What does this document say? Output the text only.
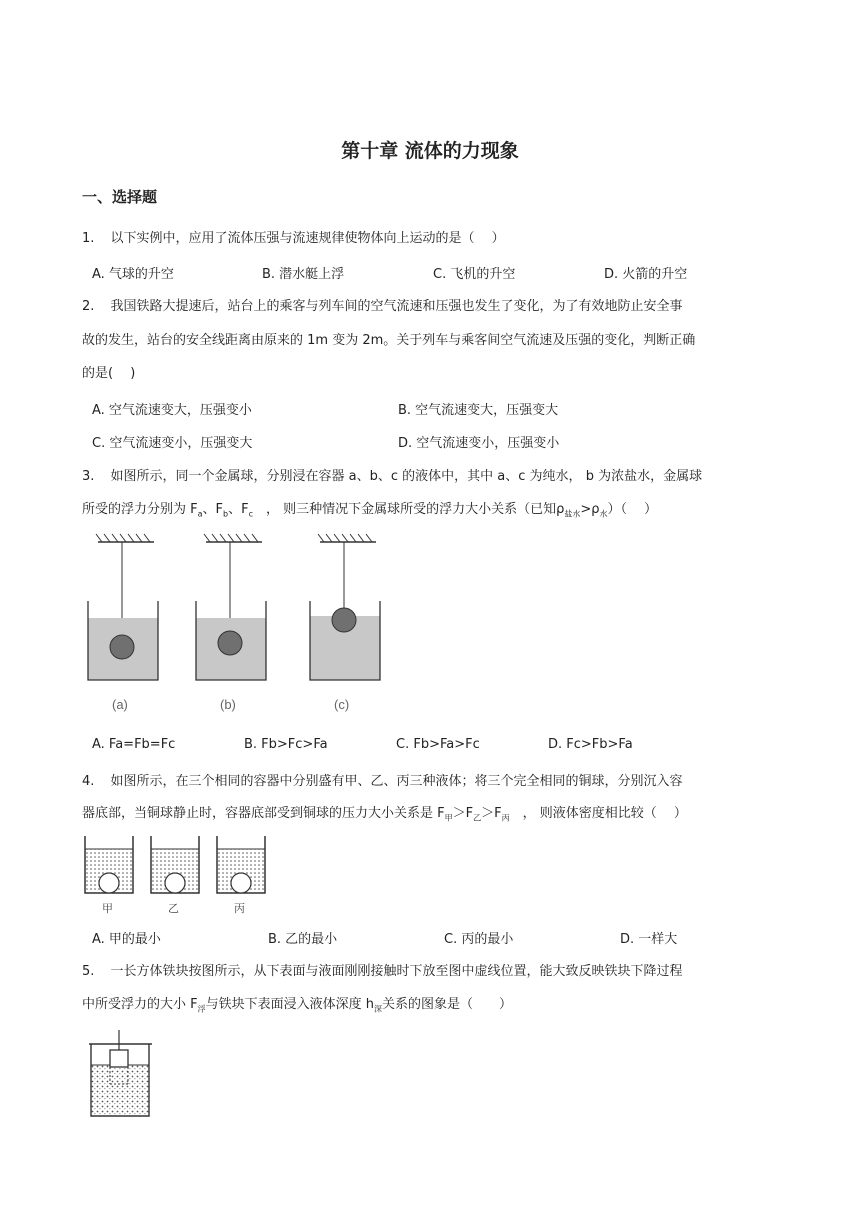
第十章 流体的力现象
一、选择题
1. 以下实例中，应用了流体压强与流速规律使物体向上运动的是（　 ）
A. 气球的升空	B. 潜水艇上浮	C. 飞机的升空	D. 火箭的升空
2. 我国铁路大提速后，站台上的乘客与列车间的空气流速和压强也发生了变化，为了有效地防止安全事
故的发生，站台的安全线距离由原来的 1m 变为 2m。关于列车与乘客间空气流速及压强的变化，判断正确
的是(　 )
A. 空气流速变大，压强变小	B. 空气流速变大，压强变大
C. 空气流速变小，压强变大	D. 空气流速变小，压强变小
3. 如图所示，同一个金属球，分别浸在容器 a、b、c 的液体中，其中 a、c 为纯水， b 为浓盐水，金属球
所受的浮力分别为 $F_a$、$F_b$、$F_c$　， 则三种情况下金属球所受的浮力大小关系（已知$\rho_{盐水}>\rho_水$）（　 ）
(a)	(b)	(c)
A. Fa=Fb=Fc	B. Fb>Fc>Fa	C. Fb>Fa>Fc	D. Fc>Fb>Fa
4. 如图所示，在三个相同的容器中分别盛有甲、乙、丙三种液体；将三个完全相同的铜球，分别沉入容
器底部，当铜球静止时，容器底部受到铜球的压力大小关系是 $F_甲>F_乙>F_丙$　， 则液体密度相比较（　 ）
甲	乙	丙
A. 甲的最小	B. 乙的最小	C. 丙的最小	D. 一样大
5. 一长方体铁块按图所示，从下表面与液面刚刚接触时下放至图中虚线位置，能大致反映铁块下降过程
中所受浮力的大小 $F_浮$与铁块下表面浸入液体深度 $h_深$关系的图象是（　　）
